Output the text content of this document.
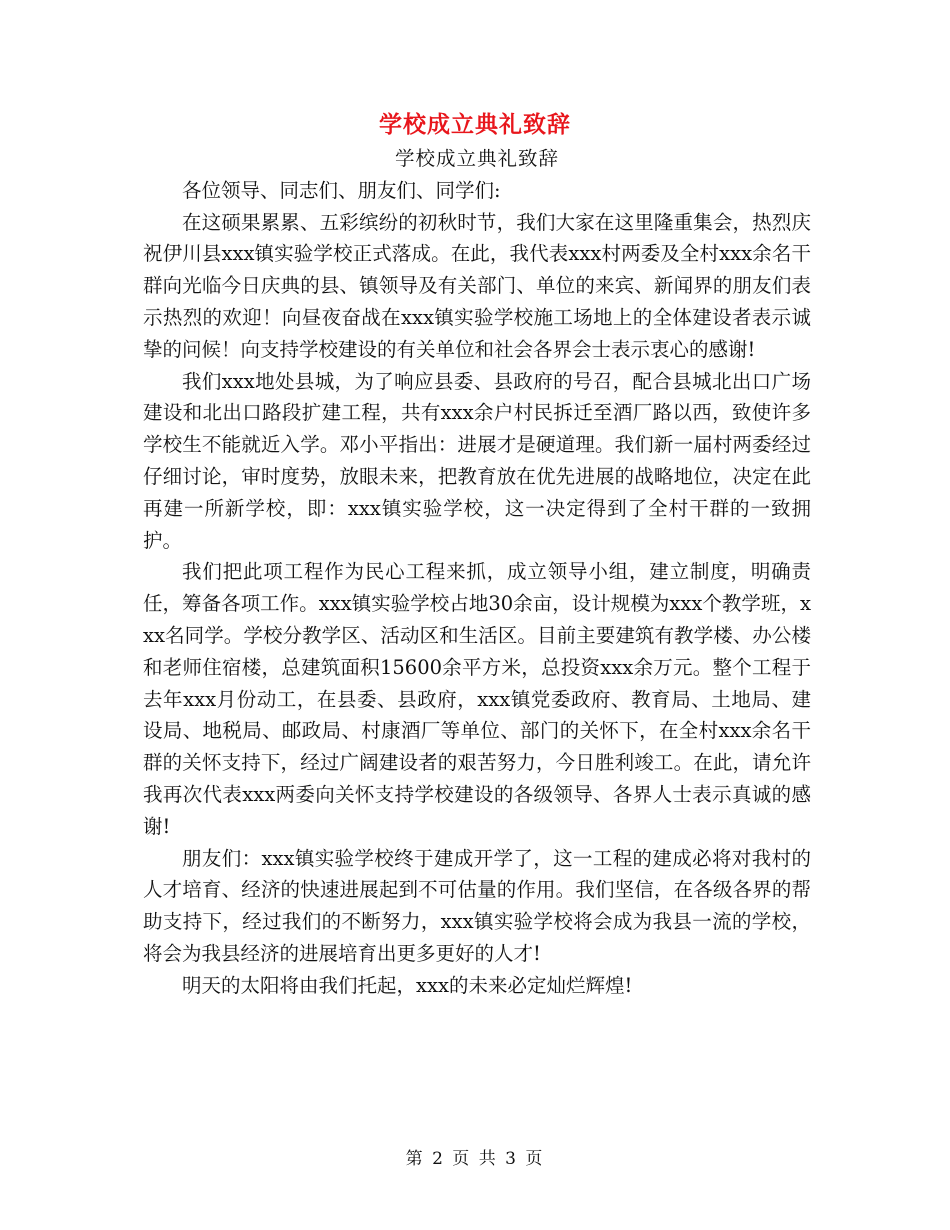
学校成立典礼致辞

学校成立典礼致辞

各位领导、同志们、朋友们、同学们:

在这硕果累累、五彩缤纷的初秋时节，我们大家在这里隆重集会，热烈庆祝伊川县xxx镇实验学校正式落成。在此，我代表xxx村两委及全村xxx余名干群向光临今日庆典的县、镇领导及有关部门、单位的来宾、新闻界的朋友们表示热烈的欢迎！向昼夜奋战在xxx镇实验学校施工场地上的全体建设者表示诚挚的问候！向支持学校建设的有关单位和社会各界会士表示衷心的感谢!

我们xxx地处县城，为了响应县委、县政府的号召，配合县城北出口广场建设和北出口路段扩建工程，共有xxx余户村民拆迁至酒厂路以西，致使许多学校生不能就近入学。邓小平指出：进展才是硬道理。我们新一届村两委经过仔细讨论，审时度势，放眼未来，把教育放在优先进展的战略地位，决定在此再建一所新学校，即：xxx镇实验学校，这一决定得到了全村干群的一致拥护。

我们把此项工程作为民心工程来抓，成立领导小组，建立制度，明确责任，筹备各项工作。xxx镇实验学校占地30余亩，设计规模为xxx个教学班，xxx名同学。学校分教学区、活动区和生活区。目前主要建筑有教学楼、办公楼和老师住宿楼，总建筑面积15600余平方米，总投资xxx余万元。整个工程于去年xxx月份动工，在县委、县政府，xxx镇党委政府、教育局、土地局、建设局、地税局、邮政局、村康酒厂等单位、部门的关怀下，在全村xxx余名干群的关怀支持下，经过广阔建设者的艰苦努力，今日胜利竣工。在此，请允许我再次代表xxx两委向关怀支持学校建设的各级领导、各界人士表示真诚的感谢!

朋友们：xxx镇实验学校终于建成开学了，这一工程的建成必将对我村的人才培育、经济的快速进展起到不可估量的作用。我们坚信，在各级各界的帮助支持下，经过我们的不断努力，xxx镇实验学校将会成为我县一流的学校，将会为我县经济的进展培育出更多更好的人才!

明天的太阳将由我们托起，xxx的未来必定灿烂辉煌!

第 2 页 共 3 页
